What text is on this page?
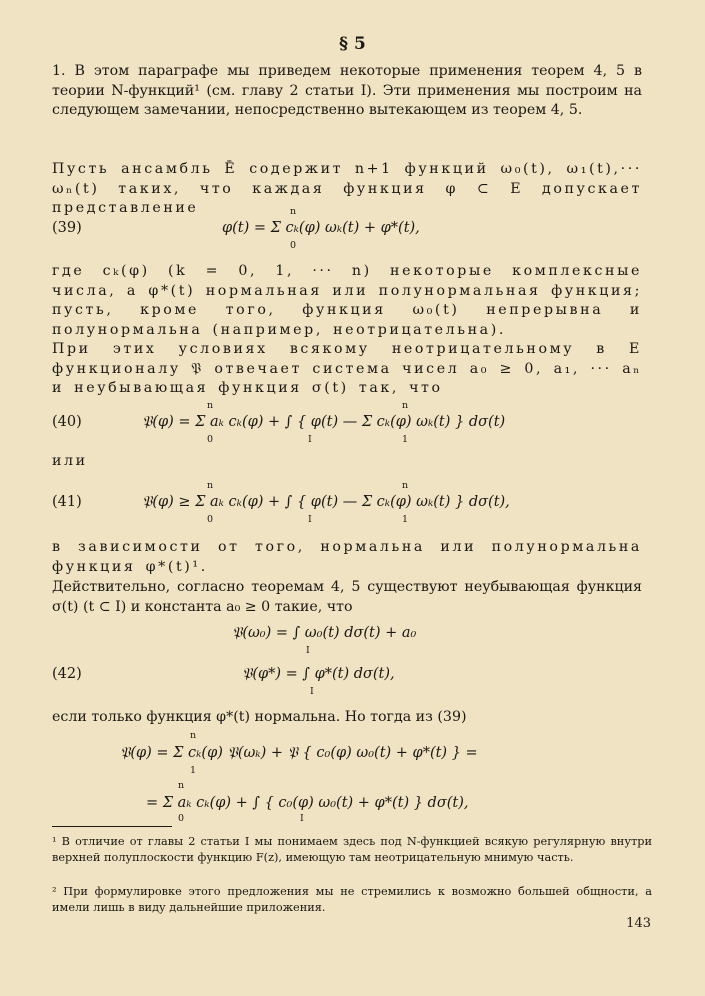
§ 5
1. В этом параграфе мы приведем некоторые применения теорем 4, 5 в теории N-функций¹ (см. главу 2 статьи I). Эти применения мы построим на следующем замечании, непосредственно вытекающем из теорем 4, 5.
Пусть ансамбль Ē содержит n+1 функций ω₀(t), ω₁(t),··· ωₙ(t) таких, что каждая функция φ ⊂ E допускает представление
(39)
n
0
φ(t) = Σ cₖ(φ) ωₖ(t) + φ*(t),
где cₖ(φ) (k = 0, 1, ··· n) некоторые комплексные числа, а φ*(t) нормальная или полунормальная функция; пусть, кроме того, функция ω₀(t) непрерывна и полунормальна (например, неотрицательна).
При этих условиях всякому неотрицательному в E функционалу 𝔓 отвечает система чисел a₀ ≥ 0, a₁, ··· aₙ и неубывающая функция σ(t) так, что
(40)
n
0	I
n
1
𝔓(φ) = Σ aₖ cₖ(φ) + ∫ { φ(t) — Σ cₖ(φ) ωₖ(t) } dσ(t)
или
(41)
n
0	I
n
1
𝔓(φ) ≥ Σ aₖ cₖ(φ) + ∫ { φ(t) — Σ cₖ(φ) ωₖ(t) } dσ(t),
в зависимости от того, нормальна или полунормальна функция φ*(t)¹.
Действительно, согласно теоремам 4, 5 существуют неубывающая функция σ(t) (t ⊂ I) и константа a₀ ≥ 0 такие, что
𝔓(ω₀) = ∫ ω₀(t) dσ(t) + a₀
I
(42)	𝔓(φ*) = ∫ φ*(t) dσ(t),
I
если только функция φ*(t) нормальна. Но тогда из (39)
n
𝔓(φ) = Σ cₖ(φ) 𝔓(ωₖ) + 𝔓 { c₀(φ) ω₀(t) + φ*(t) } =
1
n
= Σ aₖ cₖ(φ) + ∫ { c₀(φ) ω₀(t) + φ*(t) } dσ(t),
0	I
¹ В отличие от главы 2 статьи I мы понимаем здесь под N-функцией всякую регулярную внутри верхней полуплоскости функцию F(z), имеющую там неотрицательную мнимую часть.
² При формулировке этого предложения мы не стремились к возможно большей общности, а имели лишь в виду дальнейшие приложения.
143
